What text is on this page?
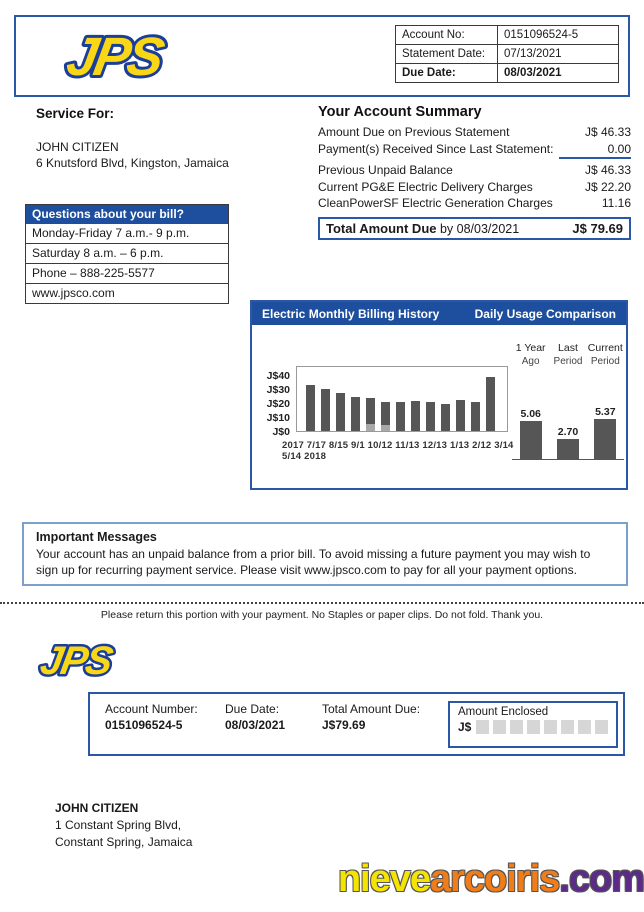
JPS	Account No:	0151096524-5
Statement Date:	07/13/2021
Due Date:	08/03/2021
Service For:
JOHN CITIZEN
6 Knutsford Blvd, Kingston, Jamaica
Questions about your bill?
Monday-Friday 7 a.m.- 9 p.m.
Saturday 8 a.m. – 6 p.m.
Phone – 888-225-5577
www.jpsco.com
Your Account Summary
Amount Due on Previous Statement	J$ 46.33
Payment(s) Received Since Last Statement:	0.00
Previous Unpaid Balance	J$ 46.33
Current PG&E Electric Delivery Charges	J$ 22.20
CleanPowerSF Electric Generation Charges	11.16
Total Amount Due by 08/03/2021	J$ 79.69
Electric Monthly Billing History	Daily Usage Comparison
J$40
J$30
J$20
J$10
J$0
2017 7/17 8/15 9/1 10/12 11/13 12/13 1/13 2/12 3/14 5/14 2018
1 Year
Ago
5.06
Last
Period
2.70
Current
Period
5.37
Important Messages
Your account has an unpaid balance from a prior bill. To avoid missing a future payment you may wish to sign up for recurring payment service. Please visit www.jpsco.com to pay for all your payment options.
Please return this portion with your payment. No Staples or paper clips. Do not fold. Thank you.
JPS
Account Number:
0151096524-5
Due Date:
08/03/2021
Total Amount Due:
J$79.69
Amount Enclosed
J$
JOHN CITIZEN
1 Constant Spring Blvd,
Constant Spring, Jamaica
nievearcoiris.com
